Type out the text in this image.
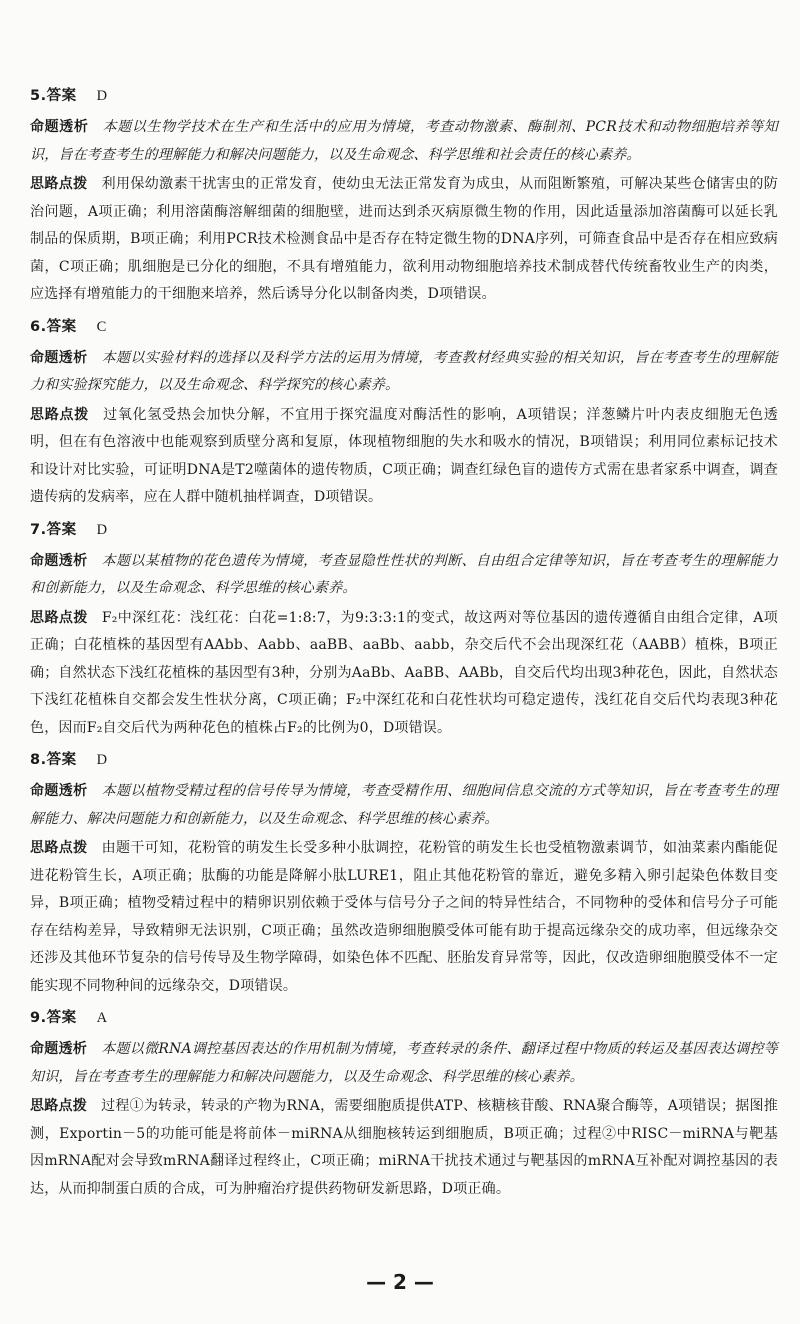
5.答案 D

命题透析 本题以生物学技术在生产和生活中的应用为情境，考查动物激素、酶制剂、PCR技术和动物细胞培养等知识，旨在考查考生的理解能力和解决问题能力，以及生命观念、科学思维和社会责任的核心素养。

思路点拨 利用保幼激素干扰害虫的正常发育，使幼虫无法正常发育为成虫，从而阻断繁殖，可解决某些仓储害虫的防治问题，A项正确；利用溶菌酶溶解细菌的细胞壁，进而达到杀灭病原微生物的作用，因此适量添加溶菌酶可以延长乳制品的保质期，B项正确；利用PCR技术检测食品中是否存在特定微生物的DNA序列，可筛查食品中是否存在相应致病菌，C项正确；肌细胞是已分化的细胞，不具有增殖能力，欲利用动物细胞培养技术制成替代传统畜牧业生产的肉类，应选择有增殖能力的干细胞来培养，然后诱导分化以制备肉类，D项错误。

6.答案 C

命题透析 本题以实验材料的选择以及科学方法的运用为情境，考查教材经典实验的相关知识，旨在考查考生的理解能力和实验探究能力，以及生命观念、科学探究的核心素养。

思路点拨 过氧化氢受热会加快分解，不宜用于探究温度对酶活性的影响，A项错误；洋葱鳞片叶内表皮细胞无色透明，但在有色溶液中也能观察到质壁分离和复原，体现植物细胞的失水和吸水的情况，B项错误；利用同位素标记技术和设计对比实验，可证明DNA是T2噬菌体的遗传物质，C项正确；调查红绿色盲的遗传方式需在患者家系中调查，调查遗传病的发病率，应在人群中随机抽样调查，D项错误。

7.答案 D

命题透析 本题以某植物的花色遗传为情境，考查显隐性性状的判断、自由组合定律等知识，旨在考查考生的理解能力和创新能力，以及生命观念、科学思维的核心素养。

思路点拨 F₂中深红花：浅红花：白花=1:8:7，为9:3:3:1的变式，故这两对等位基因的遗传遵循自由组合定律，A项正确；白花植株的基因型有AAbb、Aabb、aaBB、aaBb、aabb，杂交后代不会出现深红花（AABB）植株，B项正确；自然状态下浅红花植株的基因型有3种，分别为AaBb、AaBB、AABb，自交后代均出现3种花色，因此，自然状态下浅红花植株自交都会发生性状分离，C项正确；F₂中深红花和白花性状均可稳定遗传，浅红花自交后代均表现3种花色，因而F₂自交后代为两种花色的植株占F₂的比例为0，D项错误。

8.答案 D

命题透析 本题以植物受精过程的信号传导为情境，考查受精作用、细胞间信息交流的方式等知识，旨在考查考生的理解能力、解决问题能力和创新能力，以及生命观念、科学思维的核心素养。

思路点拨 由题干可知，花粉管的萌发生长受多种小肽调控，花粉管的萌发生长也受植物激素调节，如油菜素内酯能促进花粉管生长，A项正确；肽酶的功能是降解小肽LURE1，阻止其他花粉管的靠近，避免多精入卵引起染色体数目变异，B项正确；植物受精过程中的精卵识别依赖于受体与信号分子之间的特异性结合，不同物种的受体和信号分子可能存在结构差异，导致精卵无法识别，C项正确；虽然改造卵细胞膜受体可能有助于提高远缘杂交的成功率，但远缘杂交还涉及其他环节复杂的信号传导及生物学障碍，如染色体不匹配、胚胎发育异常等，因此，仅改造卵细胞膜受体不一定能实现不同物种间的远缘杂交，D项错误。

9.答案 A

命题透析 本题以微RNA调控基因表达的作用机制为情境，考查转录的条件、翻译过程中物质的转运及基因表达调控等知识，旨在考查考生的理解能力和解决问题能力，以及生命观念、科学思维的核心素养。

思路点拨 过程①为转录，转录的产物为RNA，需要细胞质提供ATP、核糖核苷酸、RNA聚合酶等，A项错误；据图推测，Exportin－5的功能可能是将前体－miRNA从细胞核转运到细胞质，B项正确；过程②中RISC－miRNA与靶基因mRNA配对会导致mRNA翻译过程终止，C项正确；miRNA干扰技术通过与靶基因的mRNA互补配对调控基因的表达，从而抑制蛋白质的合成，可为肿瘤治疗提供药物研发新思路，D项正确。

— 2 —
